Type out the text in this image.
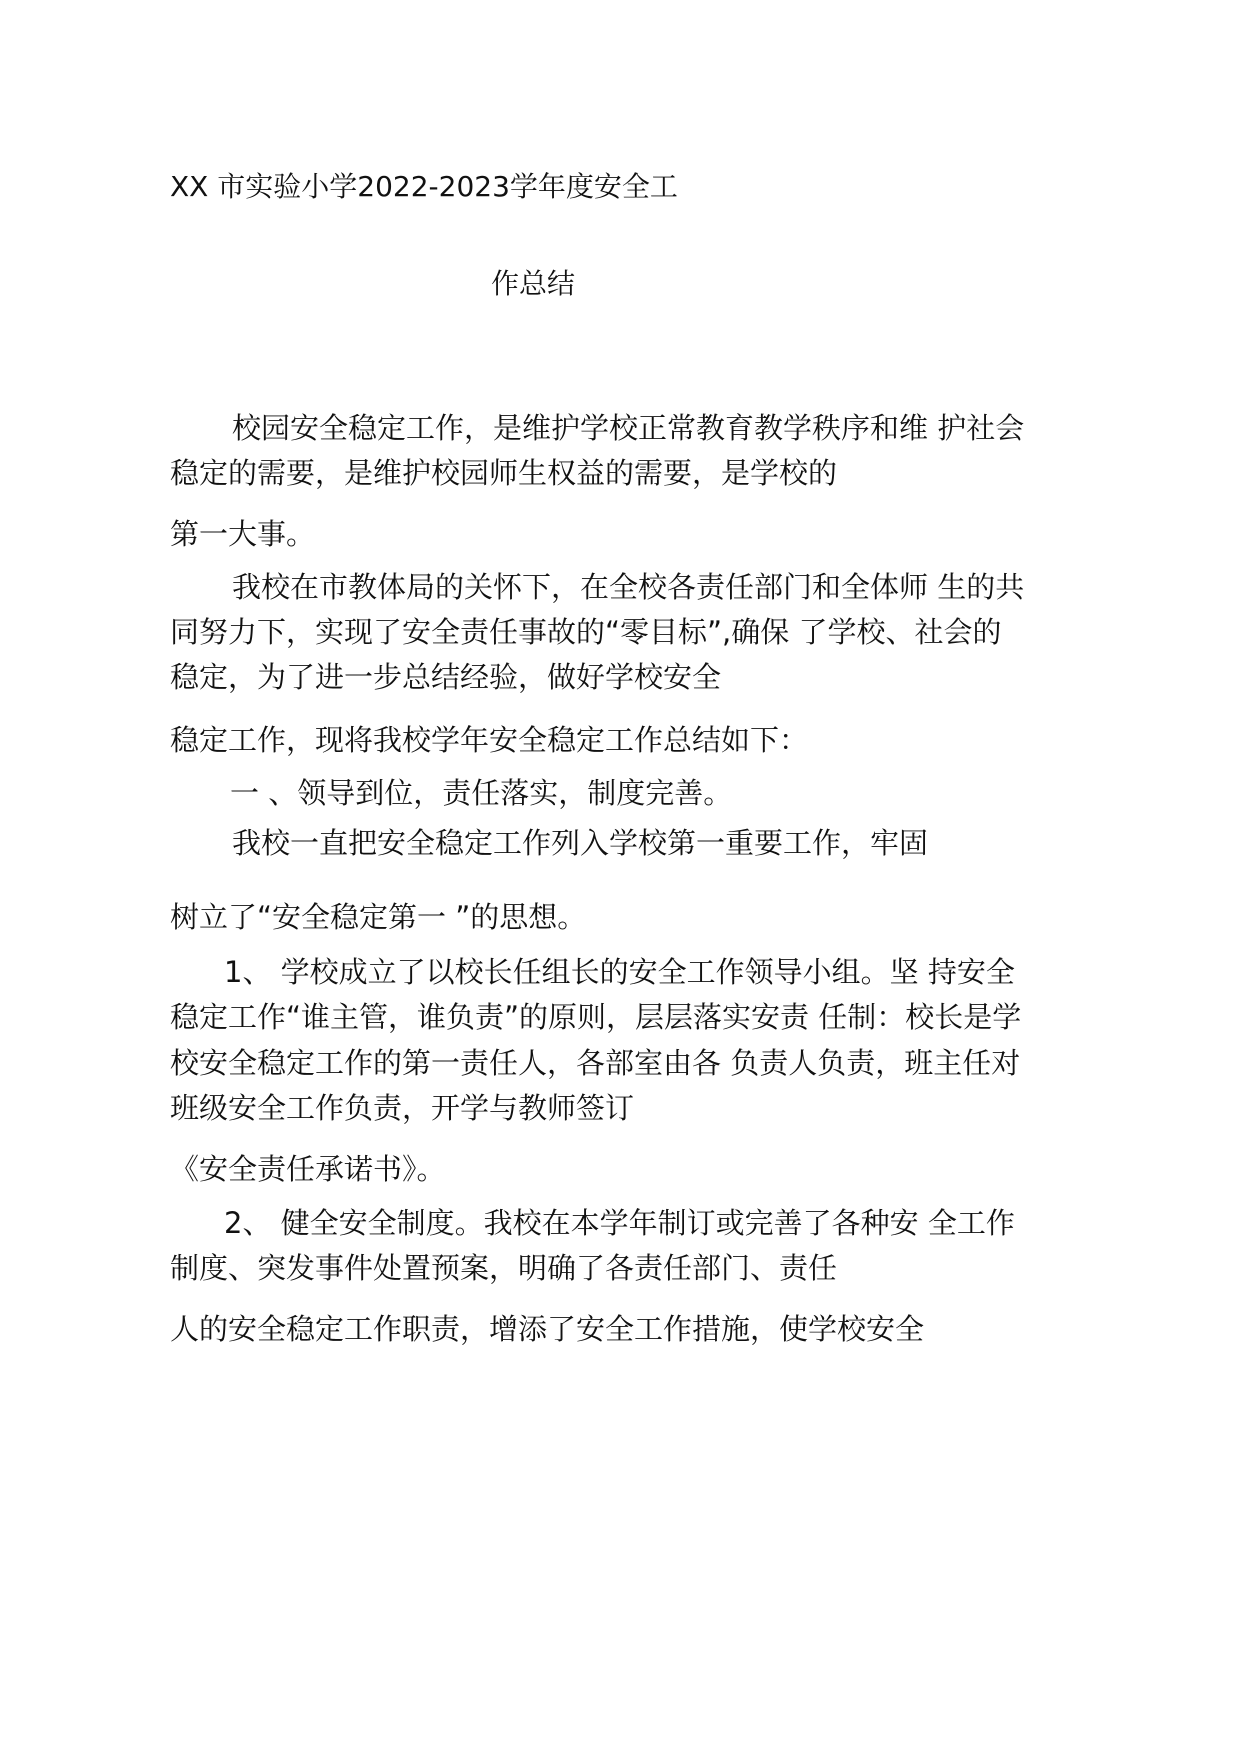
XX 市实验小学2022-2023学年度安全工
作总结
校园安全稳定工作，是维护学校正常教育教学秩序和维 护社会
稳定的需要，是维护校园师生权益的需要，是学校的
第一大事。
我校在市教体局的关怀下，在全校各责任部门和全体师 生的共
同努力下，实现了安全责任事故的“零目标”,确保 了学校、社会的
稳定，为了进一步总结经验，做好学校安全
稳定工作，现将我校学年安全稳定工作总结如下：
一 、领导到位，责任落实，制度完善。
我校一直把安全稳定工作列入学校第一重要工作，牢固
树立了“安全稳定第一 ”的思想。
1、 学校成立了以校长任组长的安全工作领导小组。坚 持安全
稳定工作“谁主管，谁负责”的原则，层层落实安责 任制：校长是学
校安全稳定工作的第一责任人，各部室由各 负责人负责，班主任对
班级安全工作负责，开学与教师签订
《安全责任承诺书》。
2、 健全安全制度。我校在本学年制订或完善了各种安 全工作
制度、突发事件处置预案，明确了各责任部门、责任
人的安全稳定工作职责，增添了安全工作措施，使学校安全
